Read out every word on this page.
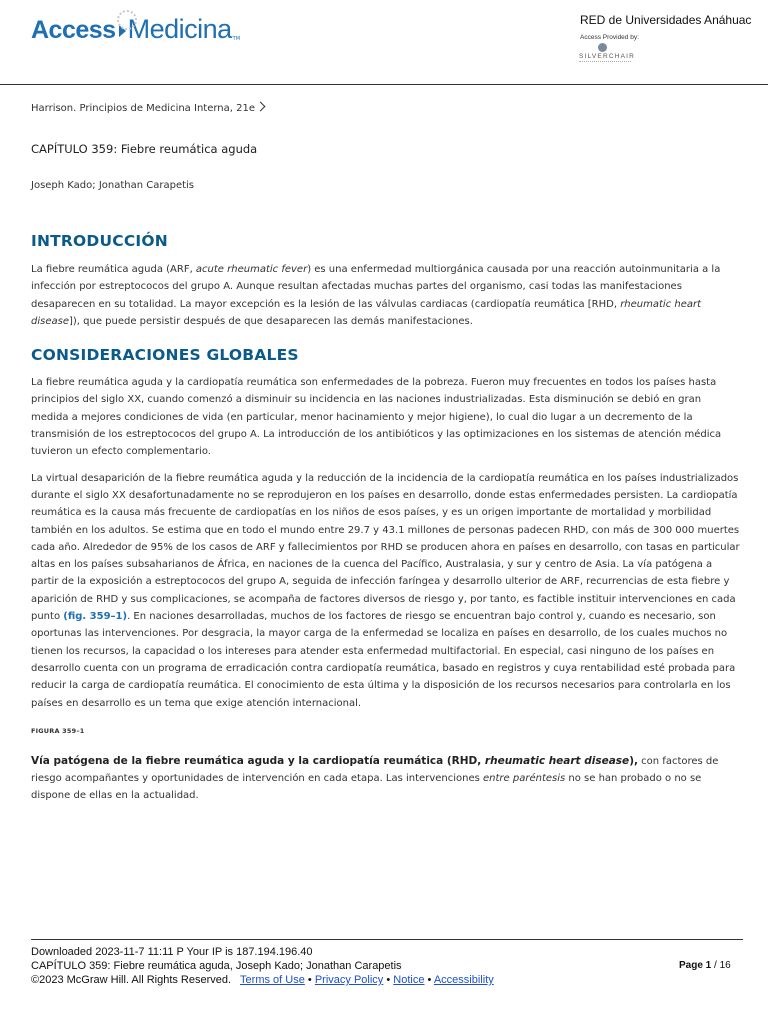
Access Medicina TM
RED de Universidades Anáhuac
Access Provided by:
SILVERCHAIR
Harrison. Principios de Medicina Interna, 21e
CAPÍTULO 359: Fiebre reumática aguda
Joseph Kado; Jonathan Carapetis
INTRODUCCIÓN

La fiebre reumática aguda (ARF, acute rheumatic fever) es una enfermedad multiorgánica causada por una reacción autoinmunitaria a la infección por estreptococos del grupo A. Aunque resultan afectadas muchas partes del organismo, casi todas las manifestaciones desaparecen en su totalidad. La mayor excepción es la lesión de las válvulas cardiacas (cardiopatía reumática [RHD, rheumatic heart disease]), que puede persistir después de que desaparecen las demás manifestaciones.

CONSIDERACIONES GLOBALES

La fiebre reumática aguda y la cardiopatía reumática son enfermedades de la pobreza. Fueron muy frecuentes en todos los países hasta principios del siglo XX, cuando comenzó a disminuir su incidencia en las naciones industrializadas. Esta disminución se debió en gran medida a mejores condiciones de vida (en particular, menor hacinamiento y mejor higiene), lo cual dio lugar a un decremento de la transmisión de los estreptococos del grupo A. La introducción de los antibióticos y las optimizaciones en los sistemas de atención médica tuvieron un efecto complementario.

La virtual desaparición de la fiebre reumática aguda y la reducción de la incidencia de la cardiopatía reumática en los países industrializados durante el siglo XX desafortunadamente no se reprodujeron en los países en desarrollo, donde estas enfermedades persisten. La cardiopatía reumática es la causa más frecuente de cardiopatías en los niños de esos países, y es un origen importante de mortalidad y morbilidad también en los adultos. Se estima que en todo el mundo entre 29.7 y 43.1 millones de personas padecen RHD, con más de 300 000 muertes cada año. Alrededor de 95% de los casos de ARF y fallecimientos por RHD se producen ahora en países en desarrollo, con tasas en particular altas en los países subsaharianos de África, en naciones de la cuenca del Pacífico, Australasia, y sur y centro de Asia. La vía patógena a partir de la exposición a estreptococos del grupo A, seguida de infección faríngea y desarrollo ulterior de ARF, recurrencias de esta fiebre y aparición de RHD y sus complicaciones, se acompaña de factores diversos de riesgo y, por tanto, es factible instituir intervenciones en cada punto (fig. 359–1). En naciones desarrolladas, muchos de los factores de riesgo se encuentran bajo control y, cuando es necesario, son oportunas las intervenciones. Por desgracia, la mayor carga de la enfermedad se localiza en países en desarrollo, de los cuales muchos no tienen los recursos, la capacidad o los intereses para atender esta enfermedad multifactorial. En especial, casi ninguno de los países en desarrollo cuenta con un programa de erradicación contra cardiopatía reumática, basado en registros y cuya rentabilidad esté probada para reducir la carga de cardiopatía reumática. El conocimiento de esta última y la disposición de los recursos necesarios para controlarla en los países en desarrollo es un tema que exige atención internacional.

FIGURA 359–1

Vía patógena de la fiebre reumática aguda y la cardiopatía reumática (RHD, rheumatic heart disease), con factores de riesgo acompañantes y oportunidades de intervención en cada etapa. Las intervenciones entre paréntesis no se han probado o no se dispone de ellas en la actualidad.

Downloaded 2023-11-7 11:11 P Your IP is 187.194.196.40
CAPÍTULO 359: Fiebre reumática aguda, Joseph Kado; Jonathan Carapetis
©2023 McGraw Hill. All Rights Reserved. Terms of Use • Privacy Policy • Notice • Accessibility
Page 1 / 16
